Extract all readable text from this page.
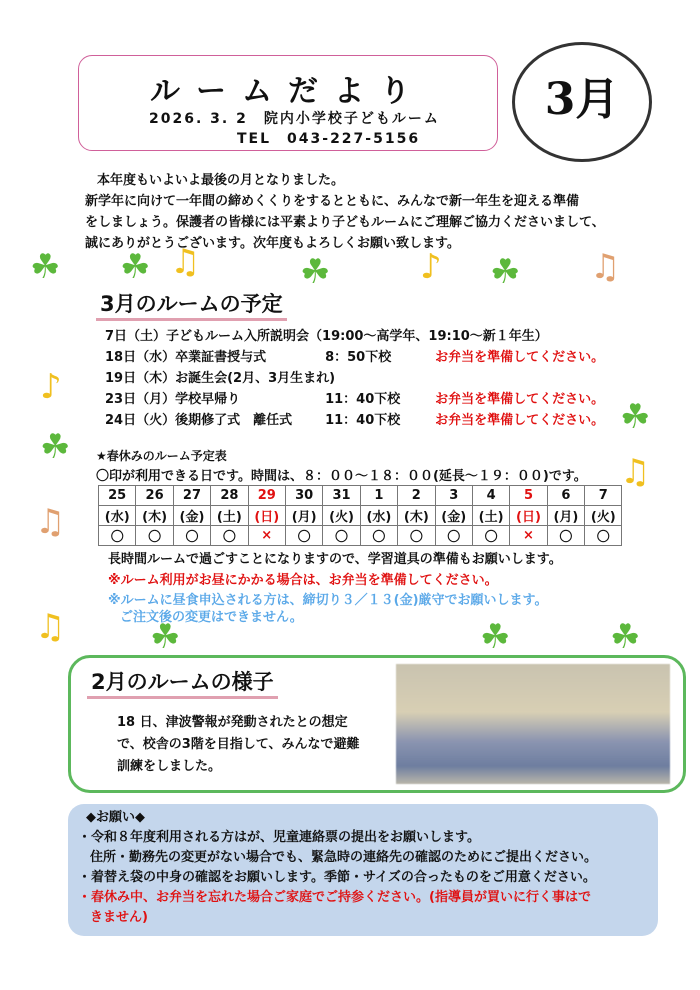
ルームだより
2026. 3. 2　院内小学校子どもルーム
TEL　043-227-5156
3月
本年度もいよいよ最後の月となりました。
新学年に向けて一年間の締めくくりをするとともに、みんなで新一年生を迎える準備
をしましょう。保護者の皆様には平素より子どもルームにご理解ご協力くださいまして、
誠にありがとうございます。次年度もよろしくお願い致します。
3月のルームの予定
7日（土）子どもルーム入所説明会（19:00～高学年、19:10～新１年生）
18日（水）卒業証書授与式	8：50下校	お弁当を準備してください。
19日（木）お誕生会(2月、3月生まれ)
23日（月）学校早帰り	11：40下校	お弁当を準備してください。
24日（火）後期修了式　離任式	11：40下校	お弁当を準備してください。
★春休みのルーム予定表
〇印が利用できる日です。時間は、８：００～１８：００(延長～１９：００)です。
25	26	27	28	29	30	31	1	2	3	4	5	6	7
(水)	(木)	(金)	(土)	(日)	(月)	(火)	(水)	(木)	(金)	(土)	(日)	(月)	(火)
〇	〇	〇	〇	×	〇	〇	〇	〇	〇	〇	×	〇	〇
長時間ルームで過ごすことになりますので、学習道具の準備もお願いします。
※ルーム利用がお昼にかかる場合は、お弁当を準備してください。
※ルームに昼食申込される方は、締切り３／１３(金)厳守でお願いします。
ご注文後の変更はできません。
2月のルームの様子
18 日、津波警報が発動されたとの想定
で、校舎の3階を目指して、みんなで避難
訓練をしました。
◆お願い◆
・令和８年度利用される方はが、児童連絡票の提出をお願いします。
住所・勤務先の変更がない場合でも、緊急時の連絡先の確認のためにご提出ください。
・着替え袋の中身の確認をお願いします。季節・サイズの合ったものをご用意ください。
・春休み中、お弁当を忘れた場合ご家庭でご持参ください。(指導員が買いに行く事はで
きません)
☘ ☘	☘	☘
☘
☘
☘	☘	☘
♫	♪	♫
♪
♫
♫
♫
